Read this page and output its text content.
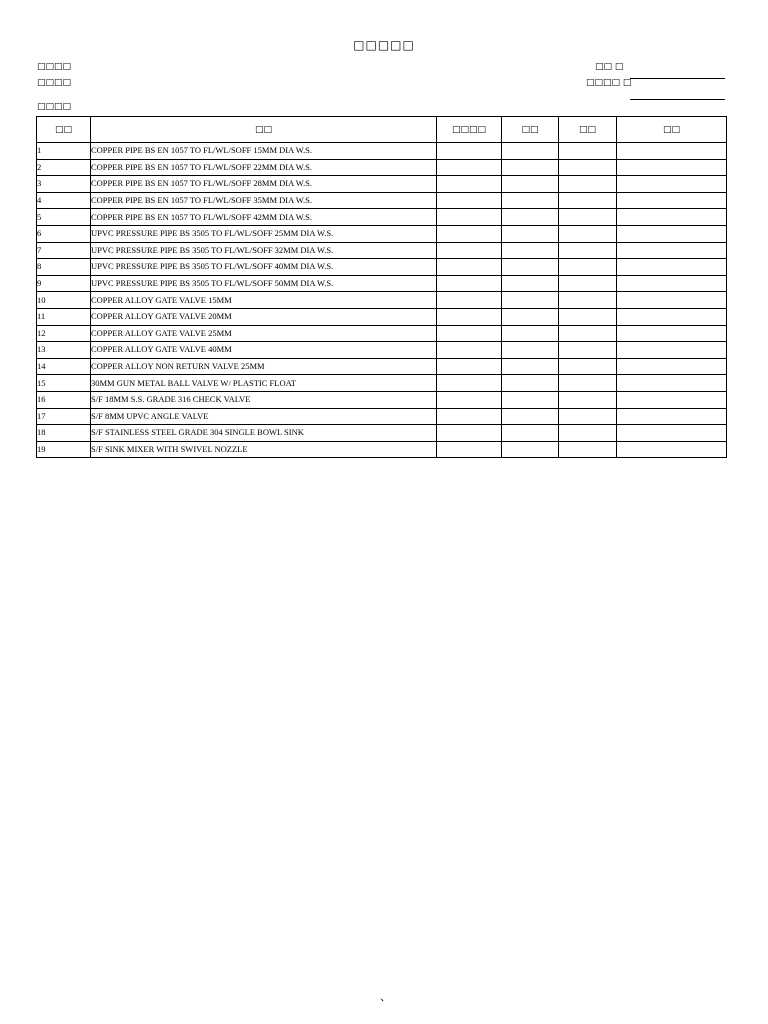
□□□□□
□□□□
□□□□
□□□□
□□ □
□□□□ □
□□	□□	□□□□	□□	□□	□□
1	COPPER PIPE BS EN 1057 TO FL/WL/SOFF 15MM DIA W.S.				
2	COPPER PIPE BS EN 1057 TO FL/WL/SOFF 22MM DIA W.S.				
3	COPPER PIPE BS EN 1057 TO FL/WL/SOFF 28MM DIA W.S.				
4	COPPER PIPE BS EN 1057 TO FL/WL/SOFF 35MM DIA W.S.				
5	COPPER PIPE BS EN 1057 TO FL/WL/SOFF 42MM DIA W.S.				
6	UPVC PRESSURE PIPE BS 3505 TO FL/WL/SOFF 25MM DIA W.S.				
7	UPVC PRESSURE PIPE BS 3505 TO FL/WL/SOFF 32MM DIA W.S.				
8	UPVC PRESSURE PIPE BS 3505 TO FL/WL/SOFF 40MM DIA W.S.				
9	UPVC PRESSURE PIPE BS 3505 TO FL/WL/SOFF 50MM DIA W.S.				
10	COPPER ALLOY GATE VALVE 15MM				
11	COPPER ALLOY GATE VALVE 20MM				
12	COPPER ALLOY GATE VALVE 25MM				
13	COPPER ALLOY GATE VALVE 40MM				
14	COPPER ALLOY NON RETURN VALVE 25MM				
15	30MM GUN METAL BALL VALVE W/ PLASTIC FLOAT				
16	S/F 18MM S.S. GRADE 316 CHECK VALVE				
17	S/F 8MM UPVC ANGLE VALVE				
18	S/F STAINLESS STEEL GRADE 304 SINGLE BOWL SINK				
19	S/F SINK MIXER WITH SWIVEL NOZZLE				
、
